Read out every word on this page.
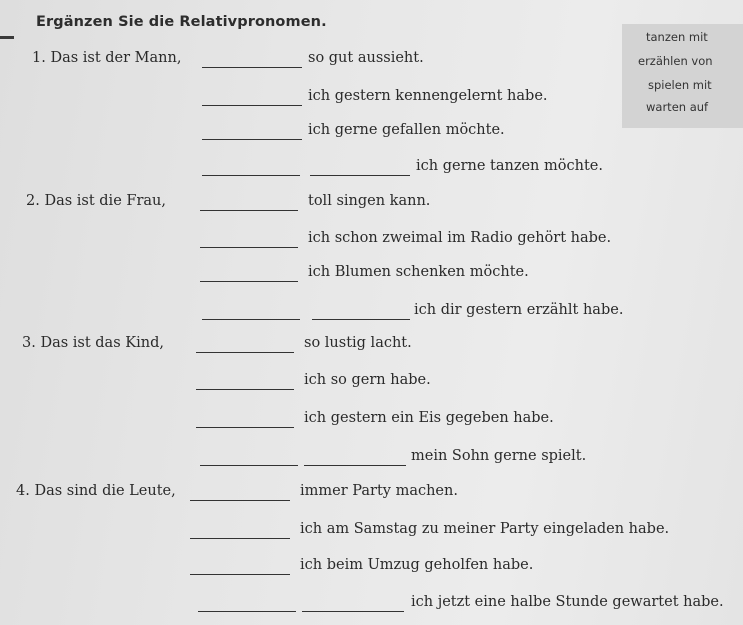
Ergänzen Sie die Relativpronomen.
tanzen mit
erzählen von
spielen mit
warten auf
1. Das ist der Mann,	so gut aussieht.
ich gestern kennengelernt habe.
ich gerne gefallen möchte.
ich gerne tanzen möchte.
2. Das ist die Frau,	toll singen kann.
ich schon zweimal im Radio gehört habe.
ich Blumen schenken möchte.
ich dir gestern erzählt habe.
3. Das ist das Kind,	so lustig lacht.
ich so gern habe.
ich gestern ein Eis gegeben habe.
mein Sohn gerne spielt.
4. Das sind die Leute,	immer Party machen.
ich am Samstag zu meiner Party eingeladen habe.
ich beim Umzug geholfen habe.
ich jetzt eine halbe Stunde gewartet habe.
